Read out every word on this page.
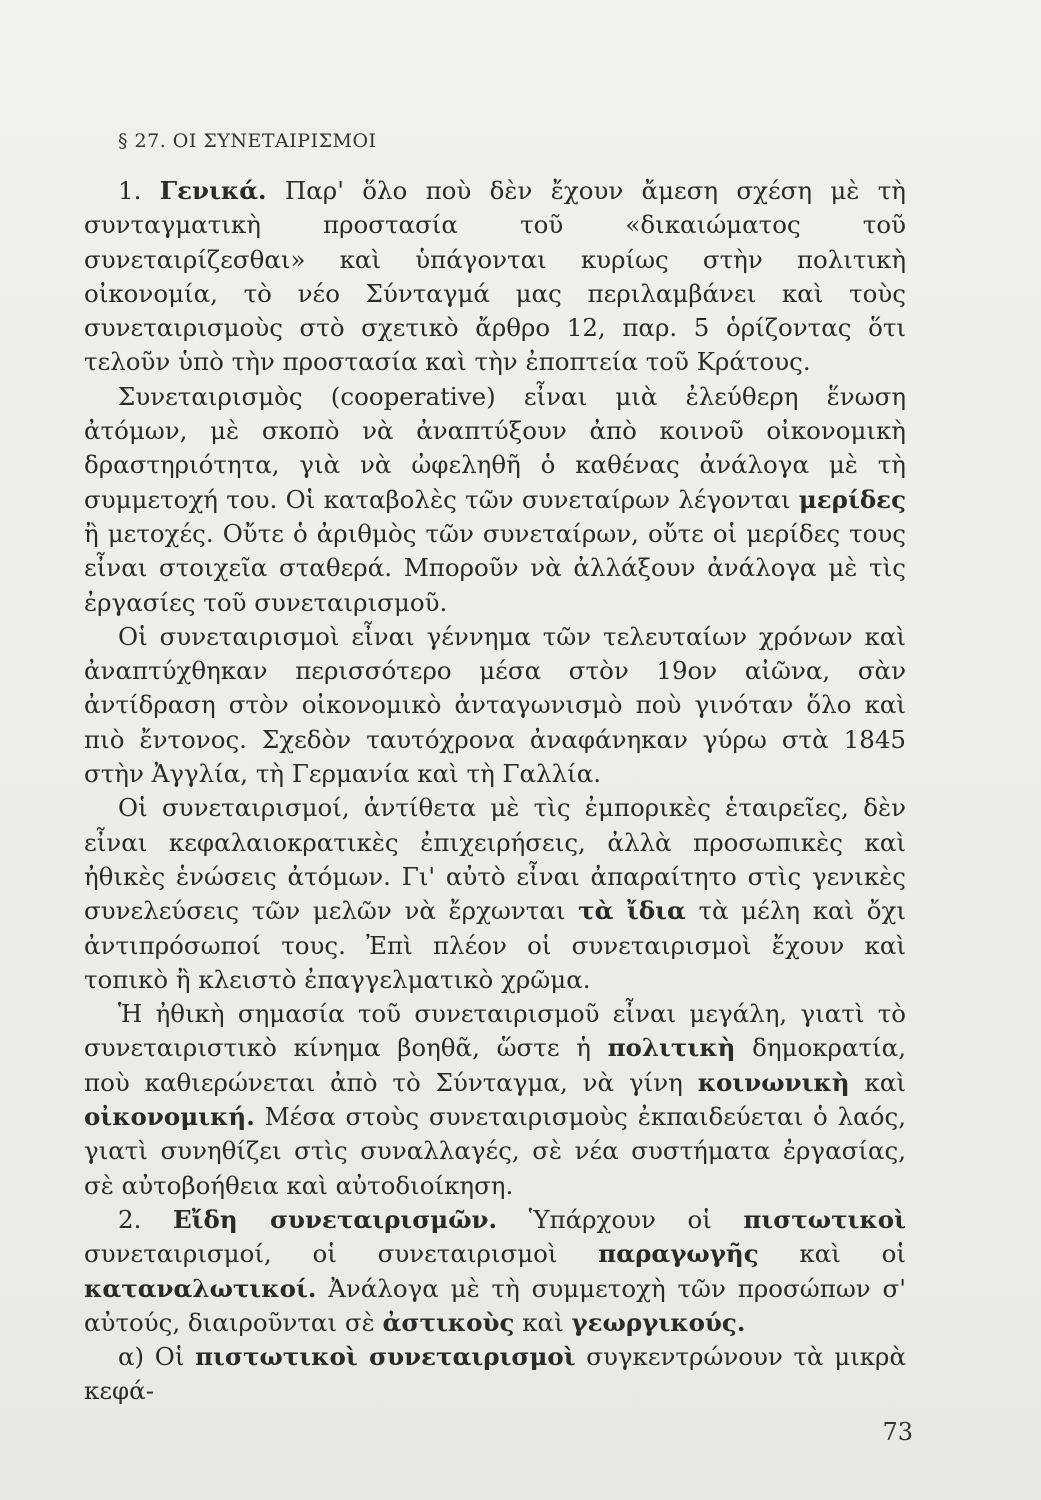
§ 27. ΟΙ ΣΥΝΕΤΑΙΡΙΣΜΟΙ

1. Γενικά. Παρ' ὅλο ποὺ δὲν ἔχουν ἄμεση σχέση μὲ τὴ συνταγματικὴ προστασία τοῦ «δικαιώματος τοῦ συνεταιρίζεσθαι» καὶ ὑπάγονται κυρίως στὴν πολιτικὴ οἰκονομία, τὸ νέο Σύνταγμά μας περιλαμβάνει καὶ τοὺς συνεταιρισμοὺς στὸ σχετικὸ ἄρθρο 12, παρ. 5 ὁρίζοντας ὅτι τελοῦν ὑπὸ τὴν προστασία καὶ τὴν ἐποπτεία τοῦ Κράτους.

Συνεταιρισμὸς (cooperative) εἶναι μιὰ ἐλεύθερη ἕνωση ἀτόμων, μὲ σκοπὸ νὰ ἀναπτύξουν ἀπὸ κοινοῦ οἰκονομικὴ δραστηριότητα, γιὰ νὰ ὠφεληθῆ ὁ καθένας ἀνάλογα μὲ τὴ συμμετοχή του. Οἱ καταβολὲς τῶν συνεταίρων λέγονται μερίδες ἢ μετοχές. Οὔτε ὁ ἀριθμὸς τῶν συνεταίρων, οὔτε οἱ μερίδες τους εἶναι στοιχεῖα σταθερά. Μποροῦν νὰ ἀλλάξουν ἀνάλογα μὲ τὶς ἐργασίες τοῦ συνεταιρισμοῦ.

Οἱ συνεταιρισμοὶ εἶναι γέννημα τῶν τελευταίων χρόνων καὶ ἀναπτύχθηκαν περισσότερο μέσα στὸν 19ον αἰῶνα, σὰν ἀντίδραση στὸν οἰκονομικὸ ἀνταγωνισμὸ ποὺ γινόταν ὅλο καὶ πιὸ ἔντονος. Σχεδὸν ταυτόχρονα ἀναφάνηκαν γύρω στὰ 1845 στὴν Ἀγγλία, τὴ Γερμανία καὶ τὴ Γαλλία.

Οἱ συνεταιρισμοί, ἀντίθετα μὲ τὶς ἐμπορικὲς ἑταιρεῖες, δὲν εἶναι κεφαλαιοκρατικὲς ἐπιχειρήσεις, ἀλλὰ προσωπικὲς καὶ ἠθικὲς ἑνώσεις ἀτόμων. Γι' αὐτὸ εἶναι ἀπαραίτητο στὶς γενικὲς συνελεύσεις τῶν μελῶν νὰ ἔρχωνται τὰ ἴδια τὰ μέλη καὶ ὄχι ἀντιπρόσωποί τους. Ἐπὶ πλέον οἱ συνεταιρισμοὶ ἔχουν καὶ τοπικὸ ἢ κλειστὸ ἐπαγγελματικὸ χρῶμα.

Ἡ ἠθικὴ σημασία τοῦ συνεταιρισμοῦ εἶναι μεγάλη, γιατὶ τὸ συνεταιριστικὸ κίνημα βοηθᾶ, ὥστε ἡ πολιτικὴ δημοκρατία, ποὺ καθιερώνεται ἀπὸ τὸ Σύνταγμα, νὰ γίνη κοινωνικὴ καὶ οἰκονομική. Μέσα στοὺς συνεταιρισμοὺς ἐκπαιδεύεται ὁ λαός, γιατὶ συνηθίζει στὶς συναλλαγές, σὲ νέα συστήματα ἐργασίας, σὲ αὐτοβοήθεια καὶ αὐτοδιοίκηση.

2. Εἴδη συνεταιρισμῶν. Ὑπάρχουν οἱ πιστωτικοὶ συνεταιρισμοί, οἱ συνεταιρισμοὶ παραγωγῆς καὶ οἱ καταναλωτικοί. Ἀνάλογα μὲ τὴ συμμετοχὴ τῶν προσώπων σ' αὐτούς, διαιροῦνται σὲ ἀστικοὺς καὶ γεωργικούς.

α) Οἱ πιστωτικοὶ συνεταιρισμοὶ συγκεντρώνουν τὰ μικρὰ κεφά-

73
